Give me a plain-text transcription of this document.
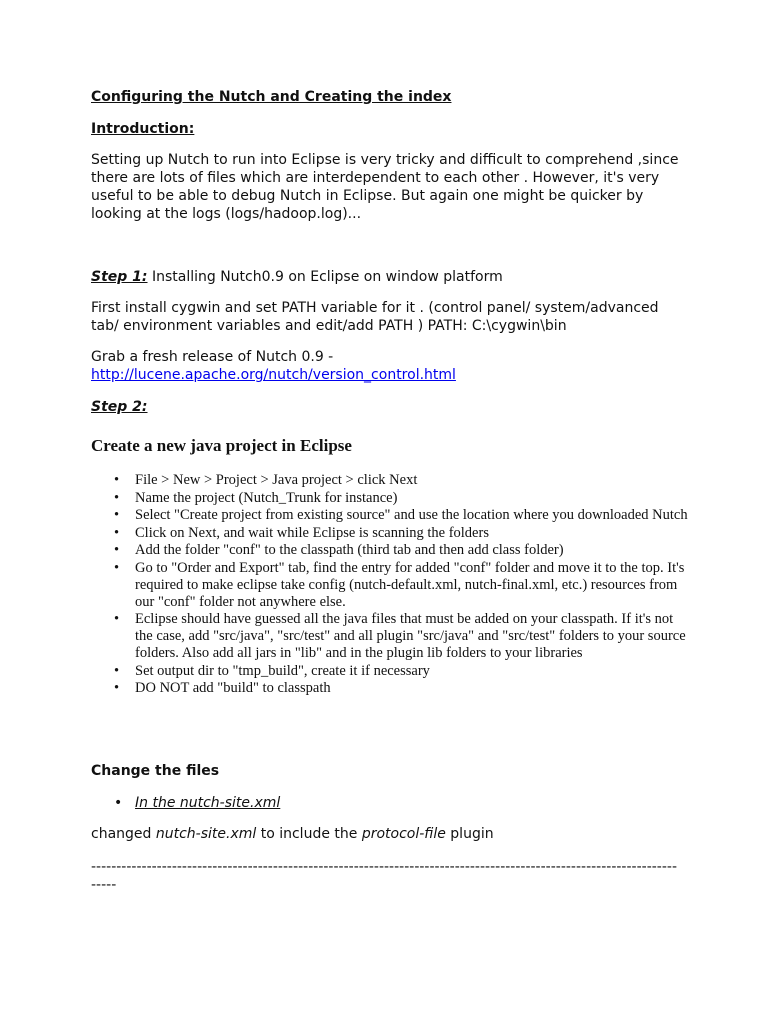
Configuring the Nutch and Creating the index

Introduction:

Setting up Nutch to run into Eclipse is very tricky and difficult to comprehend ,since there are lots of files which are interdependent to each other . However, it's very useful to be able to debug Nutch in Eclipse. But again one might be quicker by looking at the logs (logs/hadoop.log)...

Step 1: Installing Nutch0.9 on Eclipse on window platform

First install cygwin and set PATH variable for it . (control panel/ system/advanced tab/ environment variables and edit/add PATH ) PATH: C:\cygwin\bin

Grab a fresh release of Nutch 0.9 -
http://lucene.apache.org/nutch/version_control.html

Step 2:

Create a new java project in Eclipse

• File > New > Project > Java project > click Next
• Name the project (Nutch_Trunk for instance)
• Select "Create project from existing source" and use the location where you downloaded Nutch
• Click on Next, and wait while Eclipse is scanning the folders
• Add the folder "conf" to the classpath (third tab and then add class folder)
• Go to "Order and Export" tab, find the entry for added "conf" folder and move it to the top. It's required to make eclipse take config (nutch-default.xml, nutch-final.xml, etc.) resources from our "conf" folder not anywhere else.
• Eclipse should have guessed all the java files that must be added on your classpath. If it's not the case, add "src/java", "src/test" and all plugin "src/java" and "src/test" folders to your source folders. Also add all jars in "lib" and in the plugin lib folders to your libraries
• Set output dir to "tmp_build", create it if necessary
• DO NOT add "build" to classpath

Change the files

• In the nutch-site.xml

changed nutch-site.xml to include the protocol-file plugin

-------------------------------------------------------------------------------------------------------------------------
